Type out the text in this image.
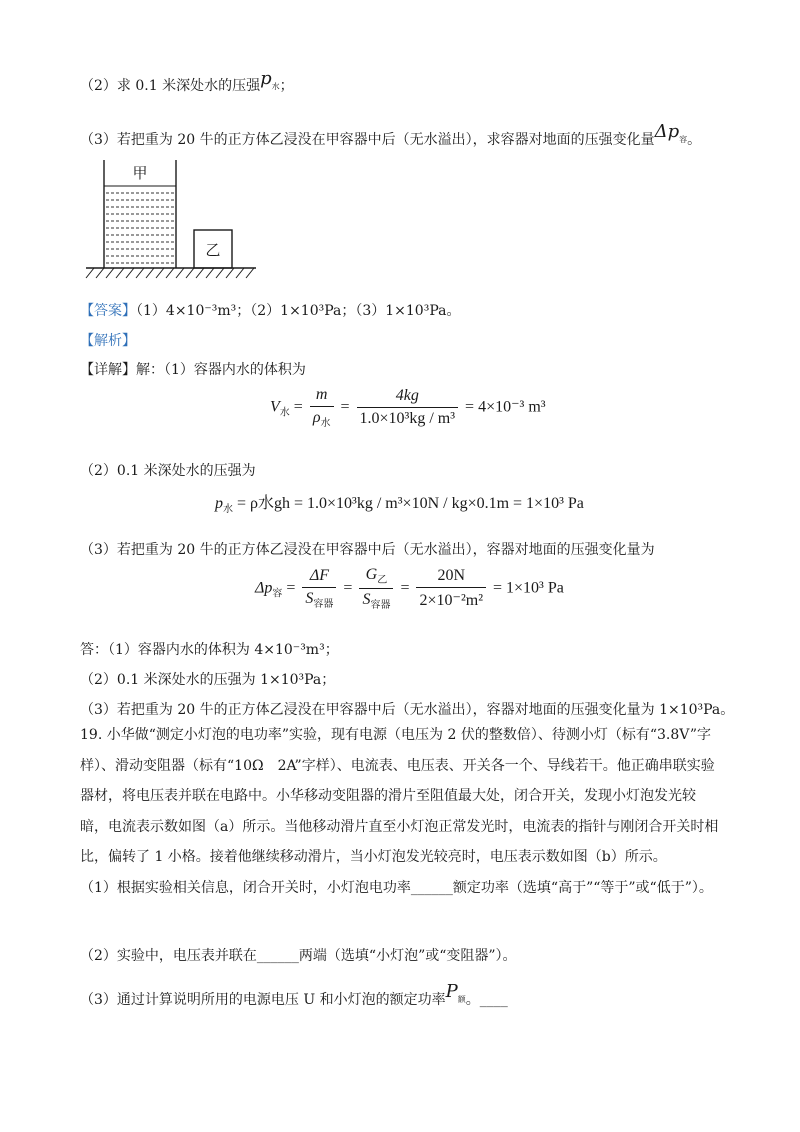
（2）求 0.1 米深处水的压强$p_水$；
（3）若把重为 20 牛的正方体乙浸没在甲容器中后（无水溢出），求容器对地面的压强变化量$\Delta p_容$。
甲
乙
【答案】（1）4×10⁻³m³；（2）1×10³Pa；（3）1×10³Pa。
【解析】
【详解】解：（1）容器内水的体积为
$V_水 = \frac{m}{\rho_水} = \frac{4kg}{\text{1.0×10³kg / m³}} = 4\times 10^{-3}$ m³
（2）0.1 米深处水的压强为
$p_水 = \rho$水gh = 1.0×10³kg / m³×10N / kg×0.1m = 1×10³ Pa
（3）若把重为 20 牛的正方体乙浸没在甲容器中后（无水溢出），容器对地面的压强变化量为
$\Delta p_容 = \frac{\Delta F}{S_{容器}} = \frac{G_乙}{S_{容器}} = \frac{20N}{\text{2×10⁻²m²}} = 1\times 10^3$ Pa
答：（1）容器内水的体积为 4×10⁻³m³；
（2）0.1 米深处水的压强为 1×10³Pa；
（3）若把重为 20 牛的正方体乙浸没在甲容器中后（无水溢出），容器对地面的压强变化量为 1×10³Pa。
19. 小华做“测定小灯泡的电功率”实验，现有电源（电压为 2 伏的整数倍）、待测小灯（标有“3.8V”字样）、滑动变阻器（标有“10Ω　2A”字样）、电流表、电压表、开关各一个、导线若干。他正确串联实验器材，将电压表并联在电路中。小华移动变阻器的滑片至阻值最大处，闭合开关，发现小灯泡发光较暗，电流表示数如图（a）所示。当他移动滑片直至小灯泡正常发光时，电流表的指针与刚闭合开关时相比，偏转了 1 小格。接着他继续移动滑片，当小灯泡发光较亮时，电压表示数如图（b）所示。
（1）根据实验相关信息，闭合开关时，小灯泡电功率______额定功率（选填“高于”“等于”或“低于”）。
（2）实验中，电压表并联在______两端（选填“小灯泡”或“变阻器”）。
（3）通过计算说明所用的电源电压 U 和小灯泡的额定功率$P_额$。____
